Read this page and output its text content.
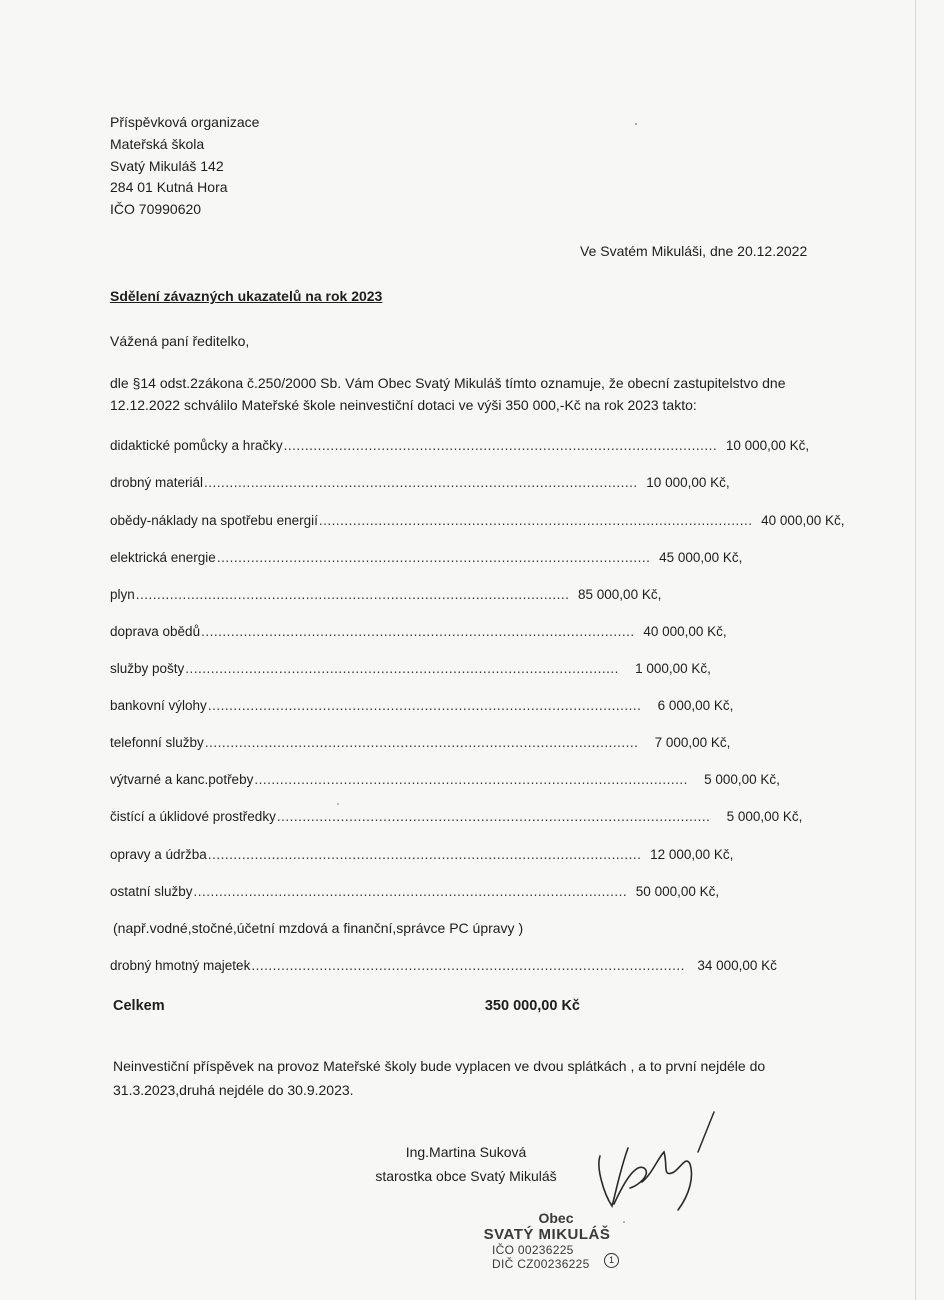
Příspěvková organizace
Mateřská škola
Svatý Mikuláš 142
284 01 Kutná Hora
IČO 70990620
Ve Svatém Mikuláši, dne 20.12.2022
Sdělení závazných ukazatelů na rok 2023
Vážená paní ředitelko,
dle §14 odst.2zákona č.250/2000 Sb. Vám Obec Svatý Mikuláš tímto oznamuje, že obecní zastupitelstvo dne
12.12.2022 schválilo Mateřské škole neinvestiční dotaci ve výši 350 000,-Kč na rok 2023 takto:
didaktické pomůcky a hračky ...................................................................................................... 10 000,00 Kč,
drobný materiál ...................................................................................................... 10 000,00 Kč,
obědy-náklady na spotřebu energií ...................................................................................................... 40 000,00 Kč,
elektrická energie ...................................................................................................... 45 000,00 Kč,
plyn ...................................................................................................... 85 000,00 Kč,
doprava obědů ...................................................................................................... 40 000,00 Kč,
služby pošty ......................................................................................................	1 000,00 Kč,
bankovní výlohy ......................................................................................................	6 000,00 Kč,
telefonní služby ......................................................................................................	7 000,00 Kč,
výtvarné a kanc.potřeby ......................................................................................................	5 000,00 Kč,
čistící a úklidové prostředky ......................................................................................................	5 000,00 Kč,
opravy a údržba ...................................................................................................... 12 000,00 Kč,
ostatní služby ...................................................................................................... 50 000,00 Kč,
drobný hmotný majetek ...................................................................................................... 34 000,00 Kč
(např.vodné,stočné,účetní mzdová a finanční,správce PC úpravy )
Celkem	350 000,00 Kč
Neinvestiční příspěvek na provoz Mateřské školy bude vyplacen ve dvou splátkách , a to první nejdéle do
31.3.2023,druhá nejdéle do 30.9.2023.
Ing.Martina Suková
starostka obce Svatý Mikuláš
Obec
SVATÝ MIKULÁŠ
IČO 00236225
DIČ CZ00236225	1
